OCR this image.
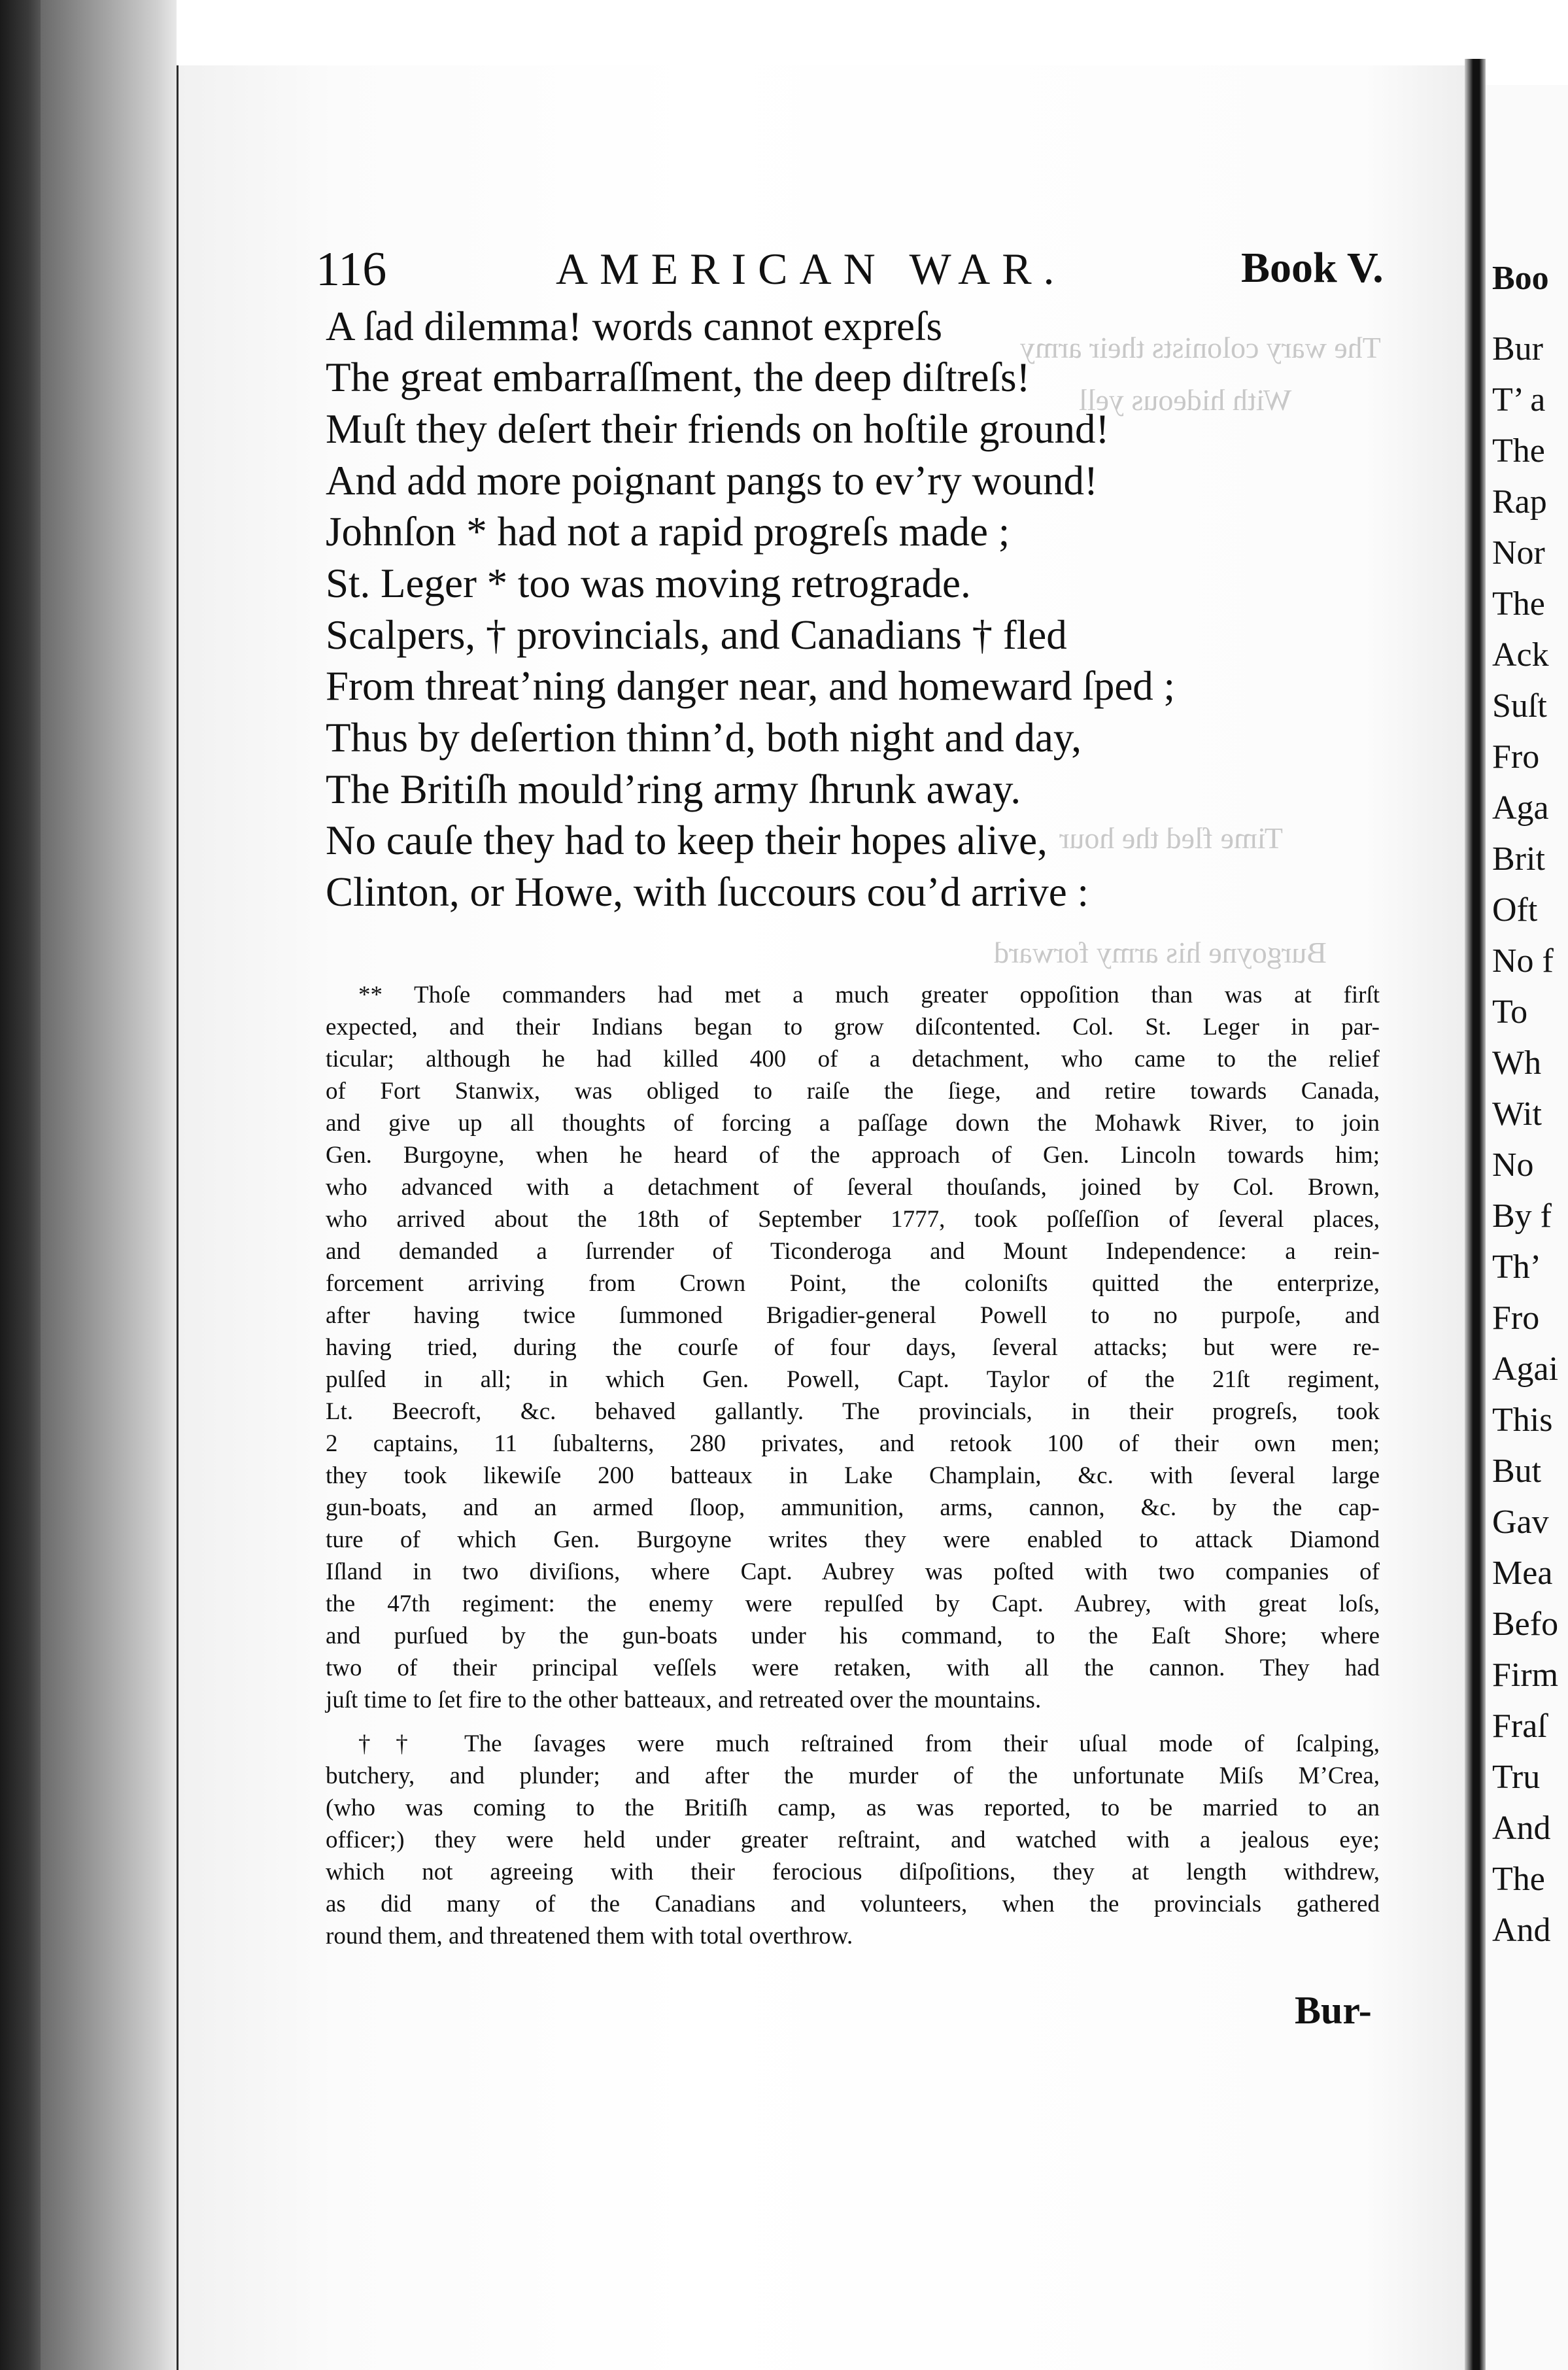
The wary colonists their army
With hideous yell
Time fled the hour
Burgoyne his army forward
116	AMERICAN WAR.	Book V.
A ſad dilemma! words cannot expreſs
The great embarraſſment, the deep diſtreſs!
Muſt they deſert their friends on hoſtile ground!
And add more poignant pangs to ev’ry wound!
Johnſon * had not a rapid progreſs made ;
St. Leger * too was moving retrograde.
Scalpers, † provincials, and Canadians † fled
From threat’ning danger near, and homeward ſped ;
Thus by deſertion thinn’d, both night and day,
The Britiſh mould’ring army ſhrunk away.
No cauſe they had to keep their hopes alive,
Clinton, or Howe, with ſuccours cou’d arrive :
** Thoſe commanders had met a much greater oppoſition than was at firſt
expected, and their Indians began to grow diſcontented. Col. St. Leger in par-
ticular; although he had killed 400 of a detachment, who came to the relief
of Fort Stanwix, was obliged to raiſe the ſiege, and retire towards Canada,
and give up all thoughts of forcing a paſſage down the Mohawk River, to join
Gen. Burgoyne, when he heard of the approach of Gen. Lincoln towards him;
who advanced with a detachment of ſeveral thouſands, joined by Col. Brown,
who arrived about the 18th of September 1777, took poſſeſſion of ſeveral places,
and demanded a ſurrender of Ticonderoga and Mount Independence: a rein-
forcement arriving from Crown Point, the coloniſts quitted the enterprize,
after having twice ſummoned Brigadier-general Powell to no purpoſe, and
having tried, during the courſe of four days, ſeveral attacks; but were re-
pulſed in all; in which Gen. Powell, Capt. Taylor of the 21ſt regiment,
Lt. Beecroft, &c. behaved gallantly. The provincials, in their progreſs, took
2 captains, 11 ſubalterns, 280 privates, and retook 100 of their own men;
they took likewiſe 200 batteaux in Lake Champlain, &c. with ſeveral large
gun-boats, and an armed ſloop, ammunition, arms, cannon, &c. by the cap-
ture of which Gen. Burgoyne writes they were enabled to attack Diamond
Iſland in two diviſions, where Capt. Aubrey was poſted with two companies of
the 47th regiment: the enemy were repulſed by Capt. Aubrey, with great loſs,
and purſued by the gun-boats under his command, to the Eaſt Shore; where
two of their principal veſſels were retaken, with all the cannon. They had
juſt time to ſet fire to the other batteaux, and retreated over the mountains.
†† The ſavages were much reſtrained from their uſual mode of ſcalping,
butchery, and plunder; and after the murder of the unfortunate Miſs M’Crea,
(who was coming to the Britiſh camp, as was reported, to be married to an
officer;) they were held under greater reſtraint, and watched with a jealous eye;
which not agreeing with their ferocious diſpoſitions, they at length withdrew,
as did many of the Canadians and volunteers, when the provincials gathered
round them, and threatened them with total overthrow.
Bur-
Boo
Bur
T’ a
The
Rap
Nor
The
Ack
Suſt
Fro
Aga
Brit
Oft
No f
To
Wh
Wit
No
By f
Th’
Fro
Agai
This
But
Gav
Mea
Befo
Firm
Fraſ
Tru
And
The
And
